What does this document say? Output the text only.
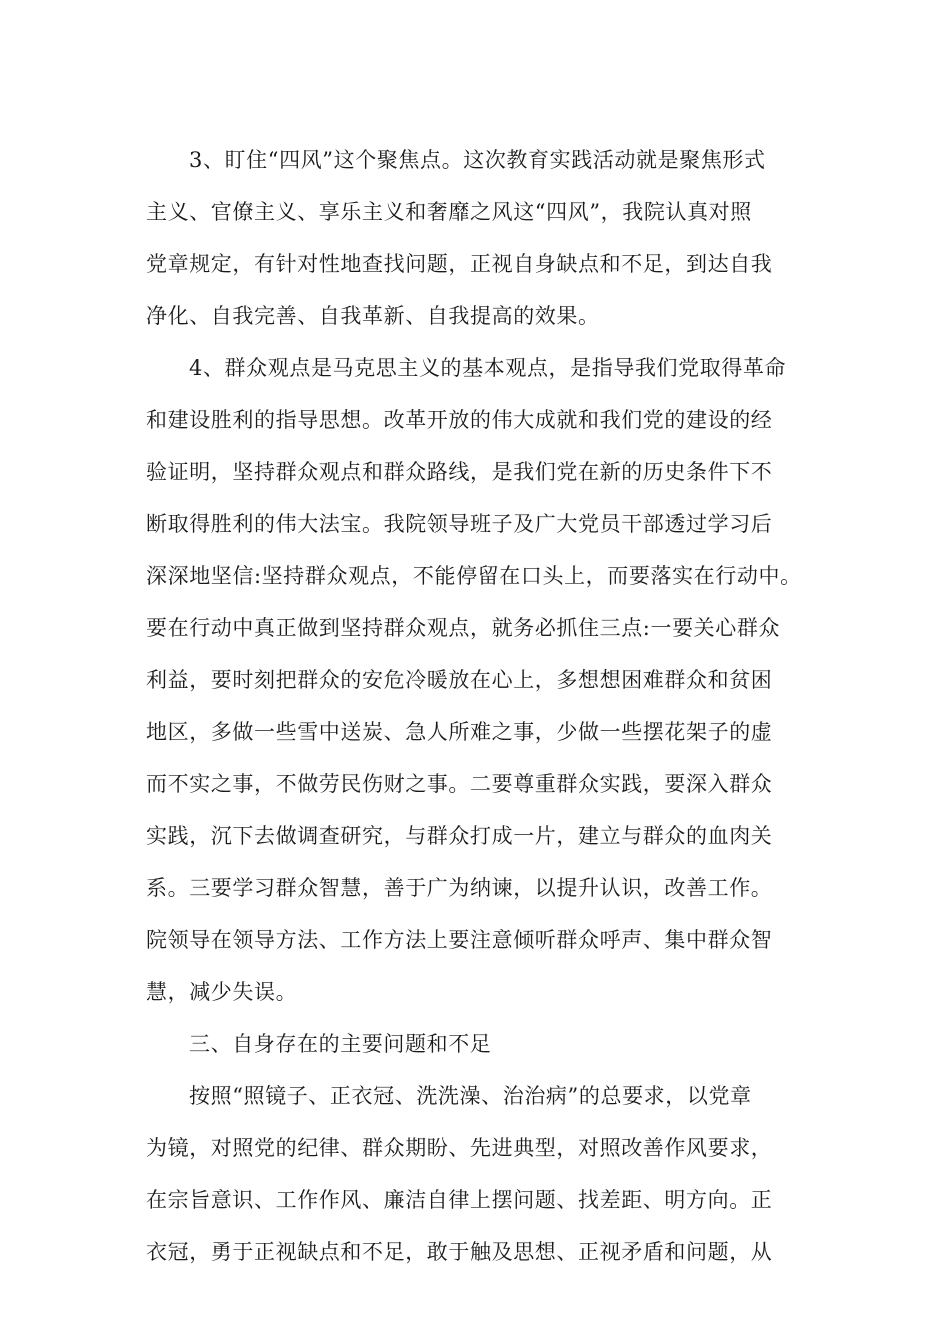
3、盯住“四风”这个聚焦点。这次教育实践活动就是聚焦形式
主义、官僚主义、享乐主义和奢靡之风这“四风”，我院认真对照
党章规定，有针对性地查找问题，正视自身缺点和不足，到达自我
净化、自我完善、自我革新、自我提高的效果。
4、群众观点是马克思主义的基本观点，是指导我们党取得革命
和建设胜利的指导思想。改革开放的伟大成就和我们党的建设的经
验证明，坚持群众观点和群众路线，是我们党在新的历史条件下不
断取得胜利的伟大法宝。我院领导班子及广大党员干部透过学习后
深深地坚信:坚持群众观点，不能停留在口头上，而要落实在行动中。
要在行动中真正做到坚持群众观点，就务必抓住三点:一要关心群众
利益，要时刻把群众的安危冷暖放在心上，多想想困难群众和贫困
地区，多做一些雪中送炭、急人所难之事，少做一些摆花架子的虚
而不实之事，不做劳民伤财之事。二要尊重群众实践，要深入群众
实践，沉下去做调查研究，与群众打成一片，建立与群众的血肉关
系。三要学习群众智慧，善于广为纳谏，以提升认识，改善工作。
院领导在领导方法、工作方法上要注意倾听群众呼声、集中群众智
慧，减少失误。
三、自身存在的主要问题和不足
按照“照镜子、正衣冠、洗洗澡、治治病”的总要求，以党章
为镜，对照党的纪律、群众期盼、先进典型，对照改善作风要求，
在宗旨意识、工作作风、廉洁自律上摆问题、找差距、明方向。正
衣冠，勇于正视缺点和不足，敢于触及思想、正视矛盾和问题，从
